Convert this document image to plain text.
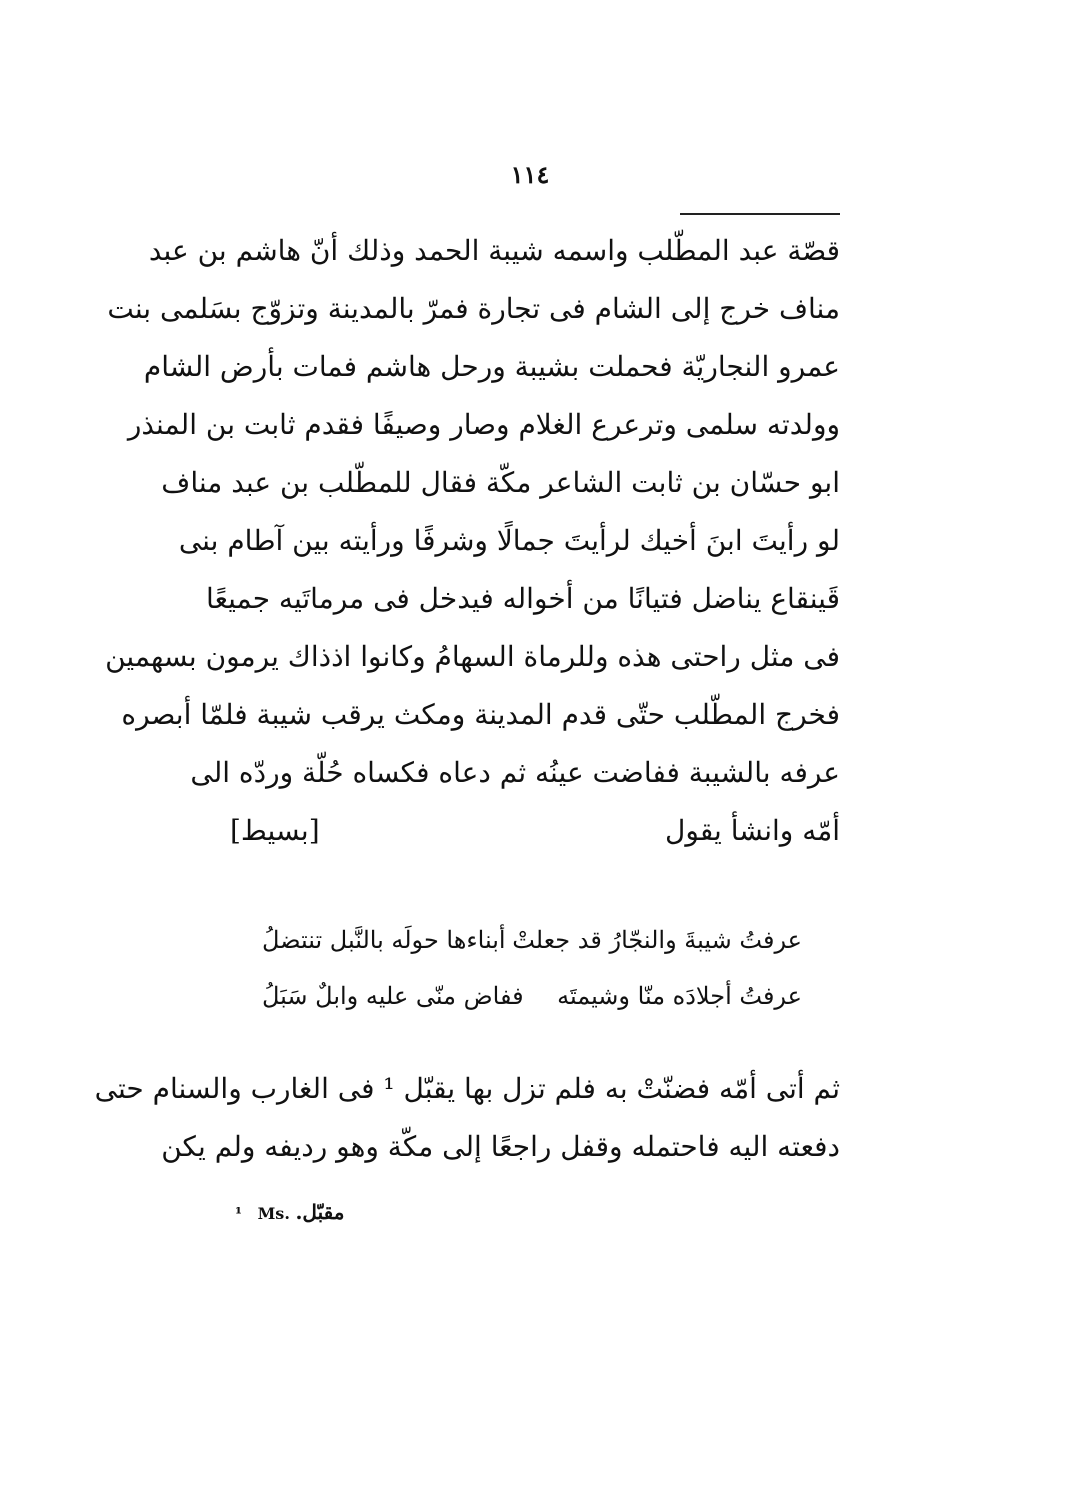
١١٤
قصّة عبد المطّلب واسمه شيبة الحمد وذلك أنّ هاشم بن عبد
مناف خرج إلى الشام فى تجارة فمرّ بالمدينة وتزوّج بسَلمى بنت
عمرو النجاريّة فحملت بشيبة ورحل هاشم فمات بأرض الشام
وولدته سلمى وترعرع الغلام وصار وصيفًا فقدم ثابت بن المنذر
ابو حسّان بن ثابت الشاعر مكّة فقال للمطّلب بن عبد مناف
لو رأيتَ ابنَ أخيك لرأيتَ جمالًا وشرفًا ورأيته بين آطام بنى
قَينقاع يناضل فتيانًا من أخواله فيدخل فى مرماتَيه جميعًا
فى مثل راحتى هذه وللرماة السهامُ وكانوا اذذاك يرمون بسهمين
فخرج المطّلب حتّى قدم المدينة ومكث يرقب شيبة فلمّا أبصره
عرفه بالشيبة ففاضت عينُه ثم دعاه فكساه حُلّة وردّه الى
أمّه وانشأ يقول
[بسيط]
عرفتُ شيبةَ والنجّارُ قد جعلتْ
أبناءها حولَه بالنَّبل تنتضلُ
عرفتُ أجلادَه منّا وشيمتَه
ففاض منّى عليه وابلٌ سَبَلُ
ثم أتى أمّه فضنّتْ به فلم تزل بها يقبّل ¹ فى الغارب والسنام حتى
دفعته اليه فاحتمله وقفل راجعًا إلى مكّة وهو رديفه ولم يكن
¹ Ms. مقبّل.
